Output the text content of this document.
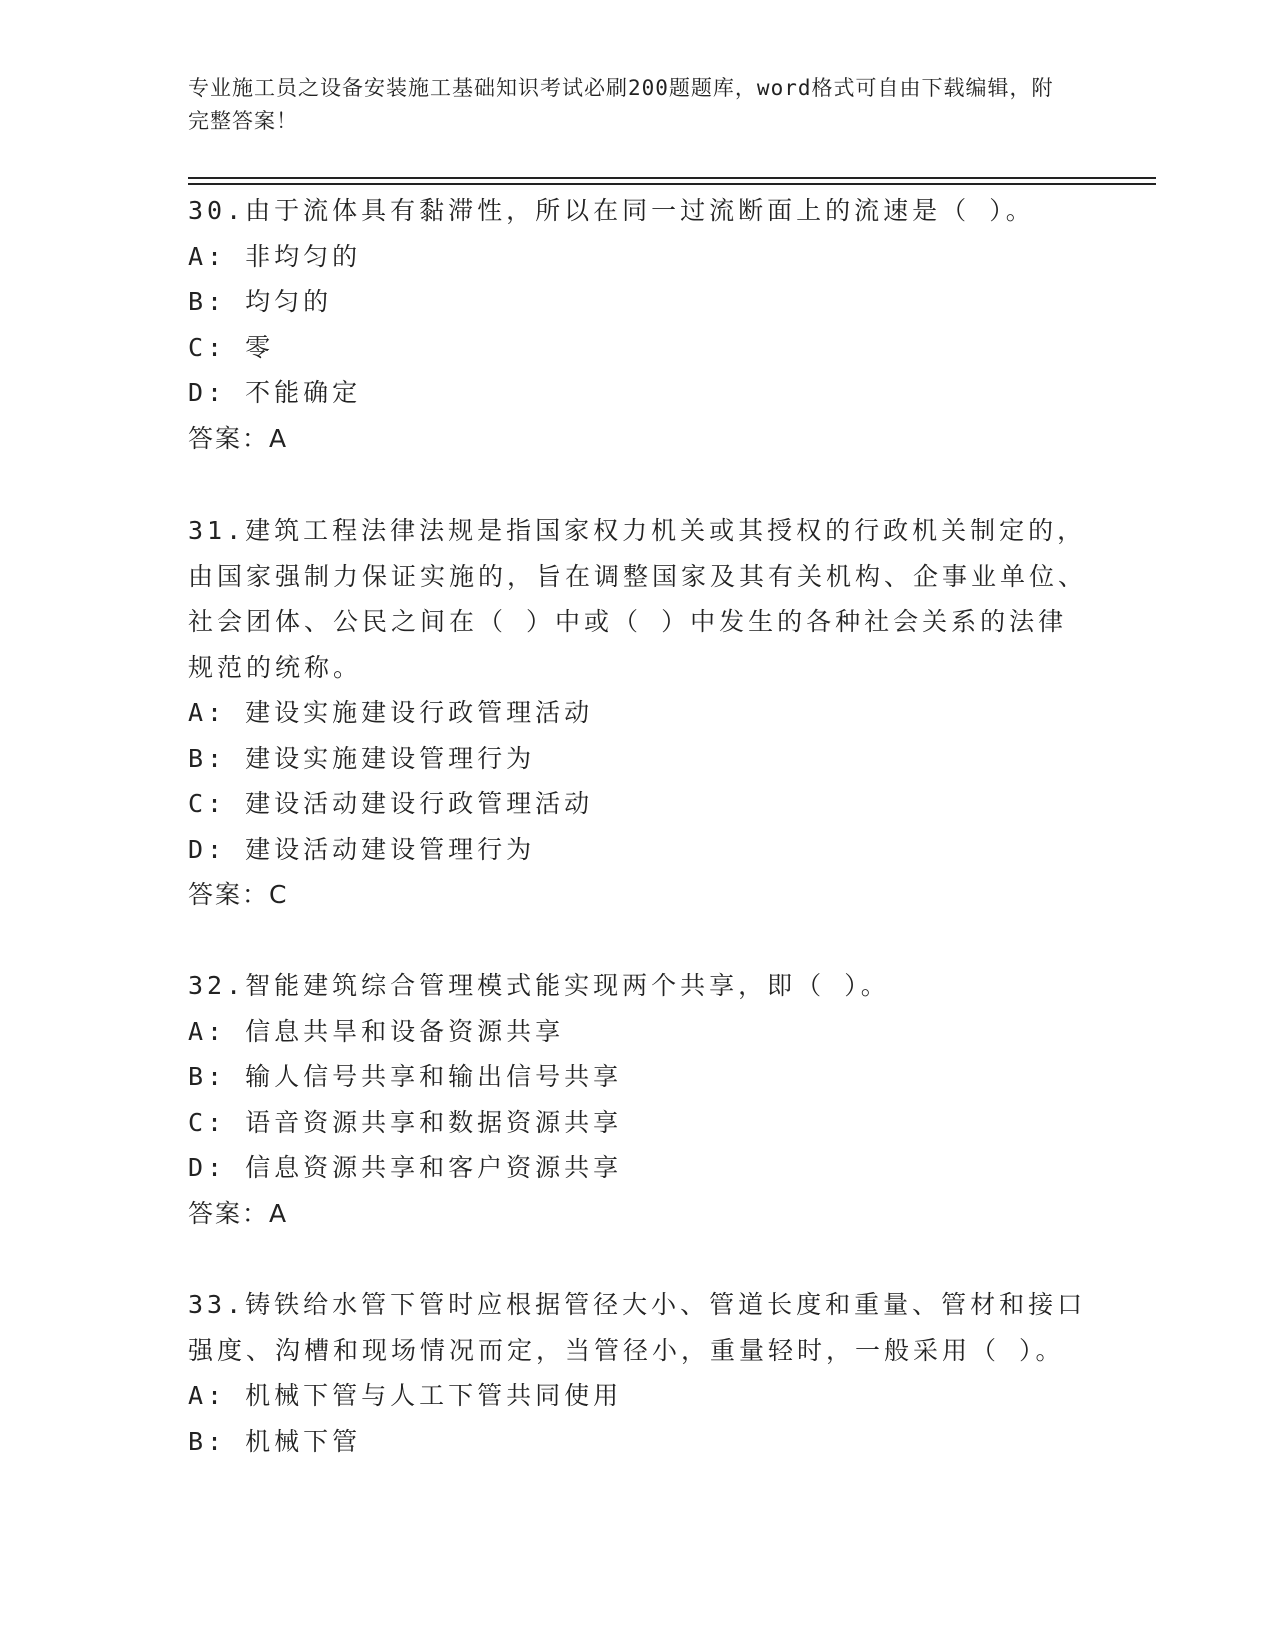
专业施工员之设备安装施工基础知识考试必刷200题题库，word格式可自由下载编辑，附完整答案！

30.由于流体具有黏滞性，所以在同一过流断面上的流速是（ ）。

A: 非均匀的

B: 均匀的

C: 零

D: 不能确定

答案：A

31.建筑工程法律法规是指国家权力机关或其授权的行政机关制定的，由国家强制力保证实施的，旨在调整国家及其有关机构、企事业单位、社会团体、公民之间在（ ）中或（ ）中发生的各种社会关系的法律规范的统称。

A: 建设实施建设行政管理活动

B: 建设实施建设管理行为

C: 建设活动建设行政管理活动

D: 建设活动建设管理行为

答案：C

32.智能建筑综合管理模式能实现两个共享，即（ ）。

A: 信息共旱和设备资源共享

B: 输人信号共享和输出信号共享

C: 语音资源共享和数据资源共享

D: 信息资源共享和客户资源共享

答案：A

33.铸铁给水管下管时应根据管径大小、管道长度和重量、管材和接口强度、沟槽和现场情况而定，当管径小，重量轻时，一般采用（ ）。

A: 机械下管与人工下管共同使用

B: 机械下管
